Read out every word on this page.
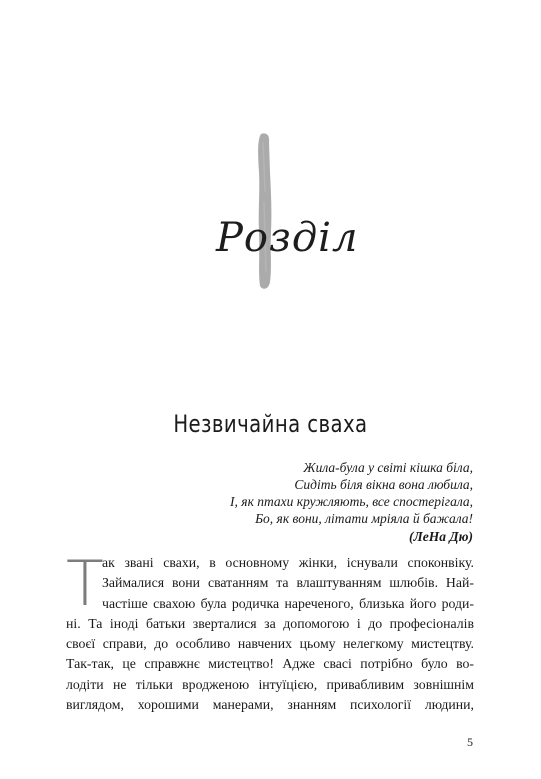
Розділ
Незвичайна сваха
Жила-була у світі кішка біла,
Сидіть біля вікна вона любила,
І, як птахи кружляють, все спостерігала,
Бо, як вони, літати мріяла й бажала!
(ЛеНа Дю)
Т
ак звані свахи, в основному жінки, існували споконвіку.
Займалися вони сватанням та влаштуванням шлюбів. Най-
частіше свахою була родичка нареченого, близька його роди-
ні. Та іноді батьки зверталися за допомогою і до професіоналів
своєї справи, до особливо навчених цьому нелегкому мистецтву.
Так-так, це справжнє мистецтво! Адже свасі потрібно було во-
лодіти не тільки вродженою інтуїцією, привабливим зовнішнім
виглядом, хорошими манерами, знанням психології людини,
5
